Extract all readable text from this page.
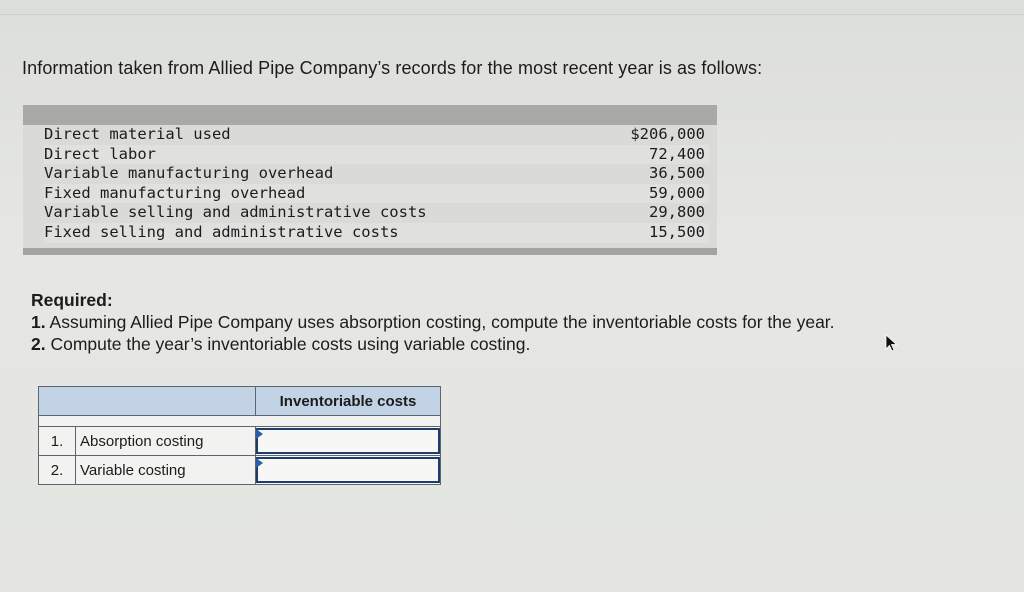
Information taken from Allied Pipe Company’s records for the most recent year is as follows:
Direct material used	$206,000
Direct labor	72,400
Variable manufacturing overhead	36,500
Fixed manufacturing overhead	59,000
Variable selling and administrative costs	29,800
Fixed selling and administrative costs	15,500
Required:
1. Assuming Allied Pipe Company uses absorption costing, compute the inventoriable costs for the year.
2. Compute the year’s inventoriable costs using variable costing.
		Inventoriable costs

1.	Absorption costing	

2.	Variable costing	
